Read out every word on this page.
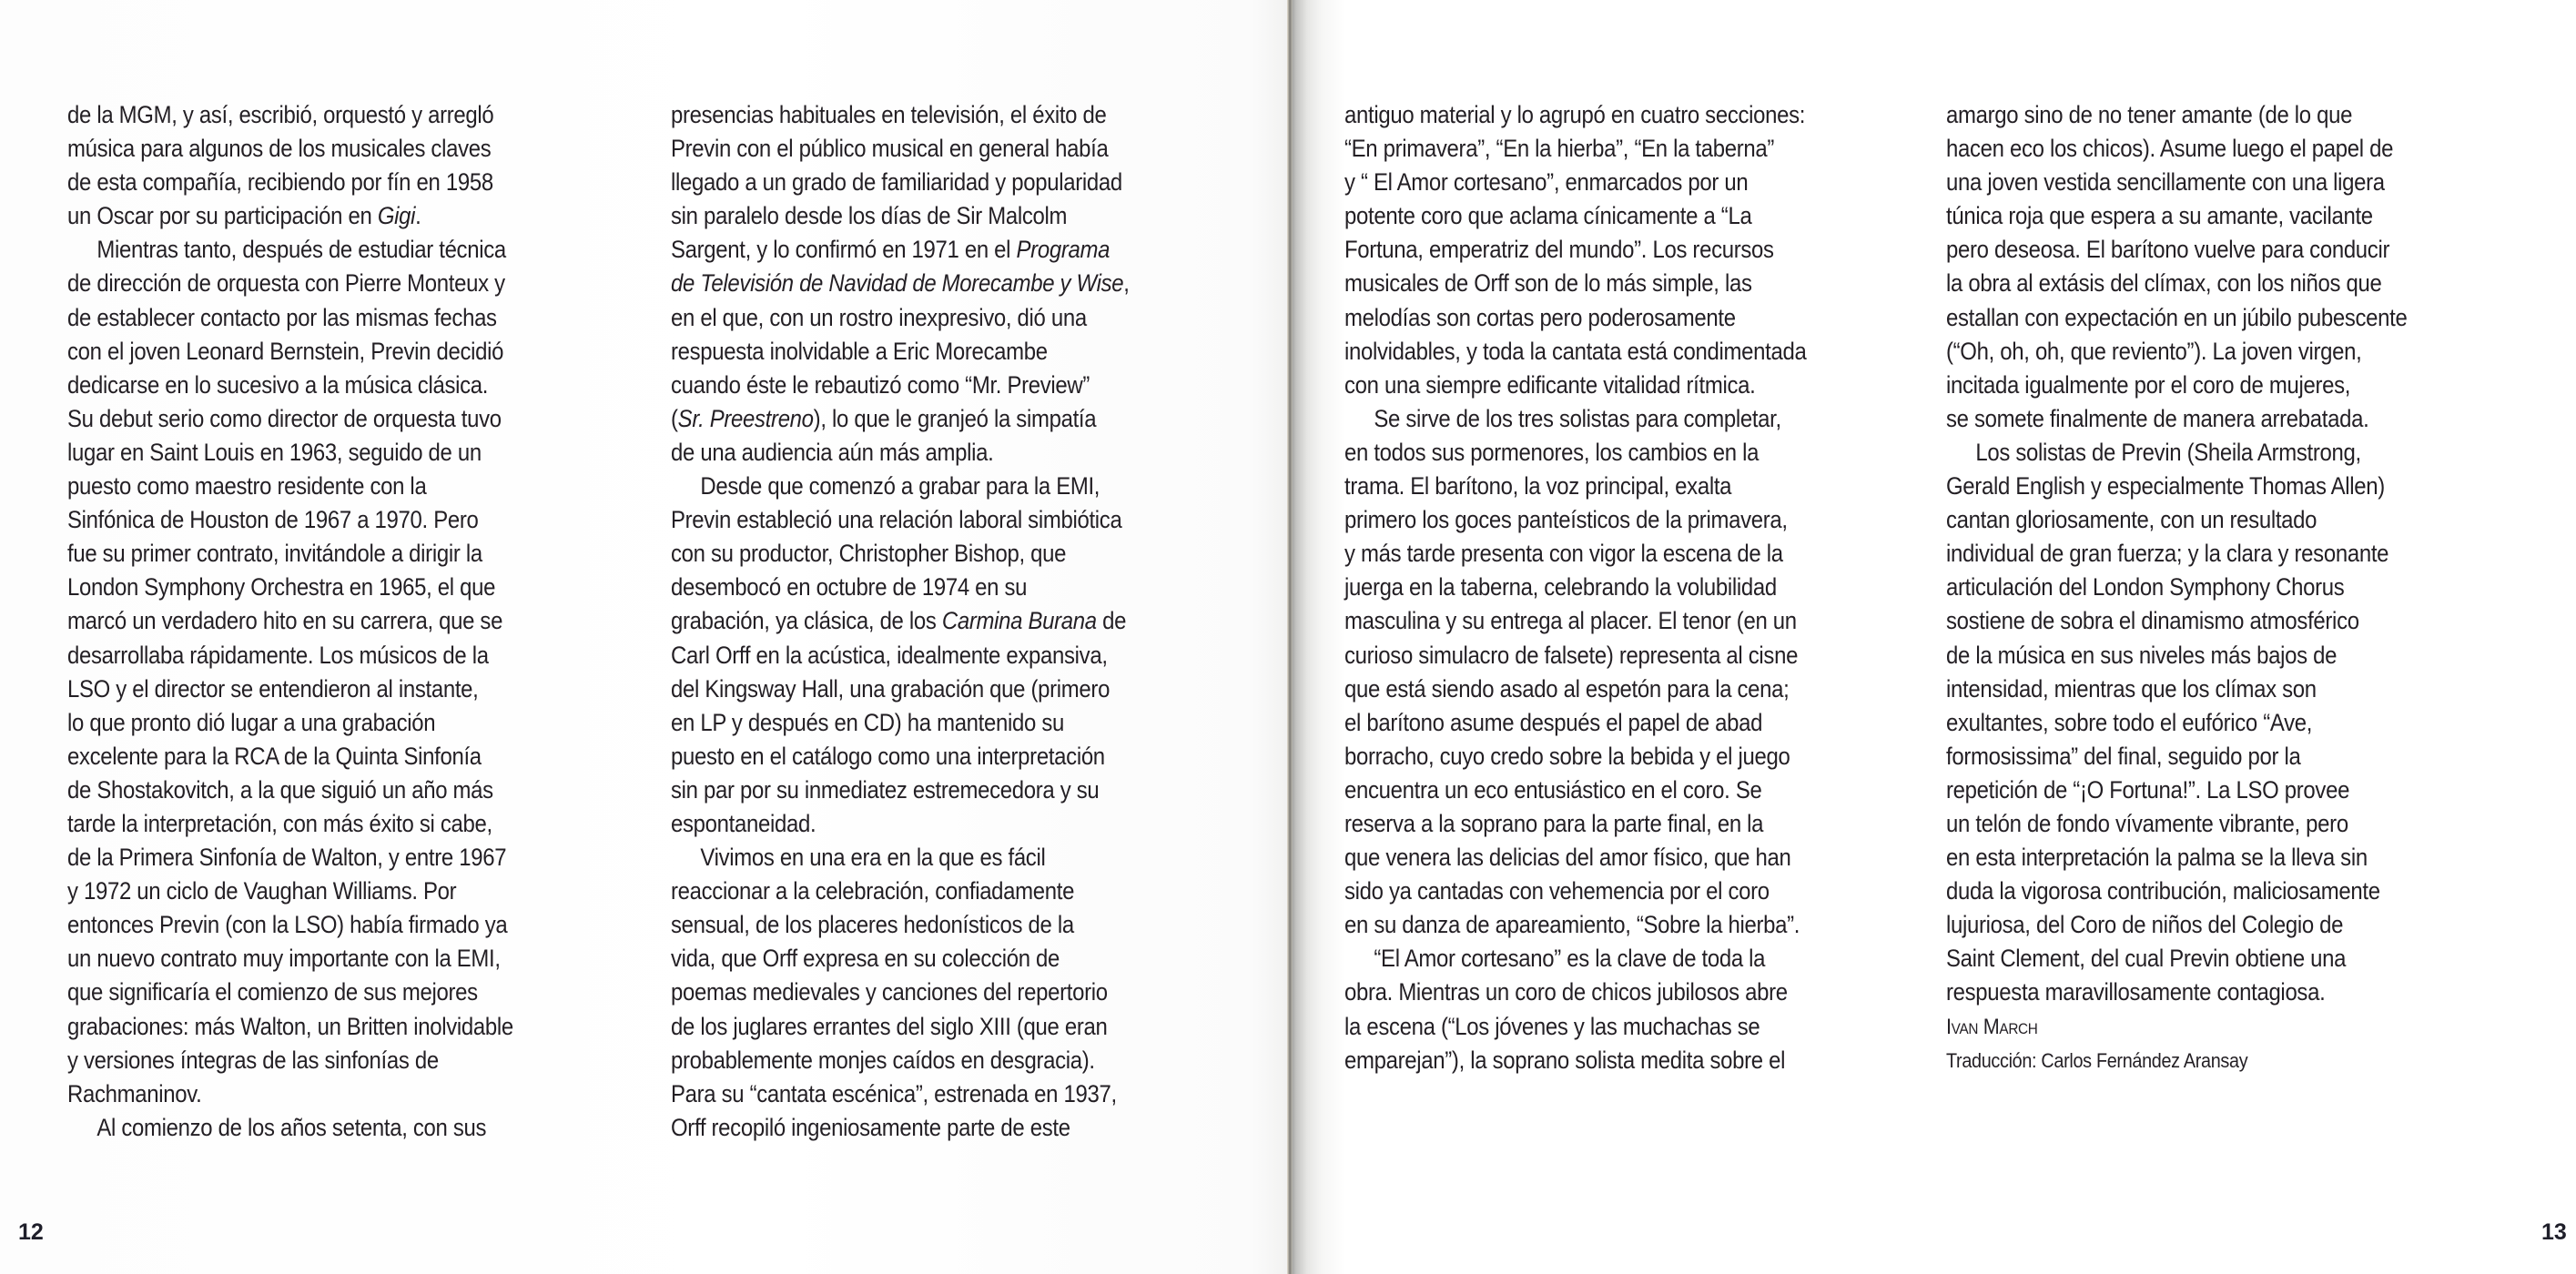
de la MGM, y así, escribió, orquestó y arregló
música para algunos de los musicales claves
de esta compañía, recibiendo por fín en 1958
un Oscar por su participación en Gigi.
Mientras tanto, después de estudiar técnica
de dirección de orquesta con Pierre Monteux y
de establecer contacto por las mismas fechas
con el joven Leonard Bernstein, Previn decidió
dedicarse en lo sucesivo a la música clásica.
Su debut serio como director de orquesta tuvo
lugar en Saint Louis en 1963, seguido de un
puesto como maestro residente con la
Sinfónica de Houston de 1967 a 1970. Pero
fue su primer contrato, invitándole a dirigir la
London Symphony Orchestra en 1965, el que
marcó un verdadero hito en su carrera, que se
desarrollaba rápidamente. Los músicos de la
LSO y el director se entendieron al instante,
lo que pronto dió lugar a una grabación
excelente para la RCA de la Quinta Sinfonía
de Shostakovitch, a la que siguió un año más
tarde la interpretación, con más éxito si cabe,
de la Primera Sinfonía de Walton, y entre 1967
y 1972 un ciclo de Vaughan Williams. Por
entonces Previn (con la LSO) había firmado ya
un nuevo contrato muy importante con la EMI,
que significaría el comienzo de sus mejores
grabaciones: más Walton, un Britten inolvidable
y versiones íntegras de las sinfonías de
Rachmaninov.
Al comienzo de los años setenta, con sus
presencias habituales en televisión, el éxito de
Previn con el público musical en general había
llegado a un grado de familiaridad y popularidad
sin paralelo desde los días de Sir Malcolm
Sargent, y lo confirmó en 1971 en el Programa
de Televisión de Navidad de Morecambe y Wise,
en el que, con un rostro inexpresivo, dió una
respuesta inolvidable a Eric Morecambe
cuando éste le rebautizó como “Mr. Preview”
(Sr. Preestreno), lo que le granjeó la simpatía
de una audiencia aún más amplia.
Desde que comenzó a grabar para la EMI,
Previn estableció una relación laboral simbiótica
con su productor, Christopher Bishop, que
desembocó en octubre de 1974 en su
grabación, ya clásica, de los Carmina Burana de
Carl Orff en la acústica, idealmente expansiva,
del Kingsway Hall, una grabación que (primero
en LP y después en CD) ha mantenido su
puesto en el catálogo como una interpretación
sin par por su inmediatez estremecedora y su
espontaneidad.
Vivimos en una era en la que es fácil
reaccionar a la celebración, confiadamente
sensual, de los placeres hedonísticos de la
vida, que Orff expresa en su colección de
poemas medievales y canciones del repertorio
de los juglares errantes del siglo XIII (que eran
probablemente monjes caídos en desgracia).
Para su “cantata escénica”, estrenada en 1937,
Orff recopiló ingeniosamente parte de este
12	13
antiguo material y lo agrupó en cuatro secciones:
“En primavera”, “En la hierba”, “En la taberna”
y “ El Amor cortesano”, enmarcados por un
potente coro que aclama cínicamente a “La
Fortuna, emperatriz del mundo”. Los recursos
musicales de Orff son de lo más simple, las
melodías son cortas pero poderosamente
inolvidables, y toda la cantata está condimentada
con una siempre edificante vitalidad rítmica.
Se sirve de los tres solistas para completar,
en todos sus pormenores, los cambios en la
trama. El barítono, la voz principal, exalta
primero los goces panteísticos de la primavera,
y más tarde presenta con vigor la escena de la
juerga en la taberna, celebrando la volubilidad
masculina y su entrega al placer. El tenor (en un
curioso simulacro de falsete) representa al cisne
que está siendo asado al espetón para la cena;
el barítono asume después el papel de abad
borracho, cuyo credo sobre la bebida y el juego
encuentra un eco entusiástico en el coro. Se
reserva a la soprano para la parte final, en la
que venera las delicias del amor físico, que han
sido ya cantadas con vehemencia por el coro
en su danza de apareamiento, “Sobre la hierba”.
“El Amor cortesano” es la clave de toda la
obra. Mientras un coro de chicos jubilosos abre
la escena (“Los jóvenes y las muchachas se
emparejan”), la soprano solista medita sobre el
amargo sino de no tener amante (de lo que
hacen eco los chicos). Asume luego el papel de
una joven vestida sencillamente con una ligera
túnica roja que espera a su amante, vacilante
pero deseosa. El barítono vuelve para conducir
la obra al extásis del clímax, con los niños que
estallan con expectación en un júbilo pubescente
(“Oh, oh, oh, que reviento”). La joven virgen,
incitada igualmente por el coro de mujeres,
se somete finalmente de manera arrebatada.
Los solistas de Previn (Sheila Armstrong,
Gerald English y especialmente Thomas Allen)
cantan gloriosamente, con un resultado
individual de gran fuerza; y la clara y resonante
articulación del London Symphony Chorus
sostiene de sobra el dinamismo atmosférico
de la música en sus niveles más bajos de
intensidad, mientras que los clímax son
exultantes, sobre todo el eufórico “Ave,
formosissima” del final, seguido por la
repetición de “¡O Fortuna!”. La LSO provee
un telón de fondo vívamente vibrante, pero
en esta interpretación la palma se la lleva sin
duda la vigorosa contribución, maliciosamente
lujuriosa, del Coro de niños del Colegio de
Saint Clement, del cual Previn obtiene una
respuesta maravillosamente contagiosa.
Ivan March
Traducción: Carlos Fernández Aransay
